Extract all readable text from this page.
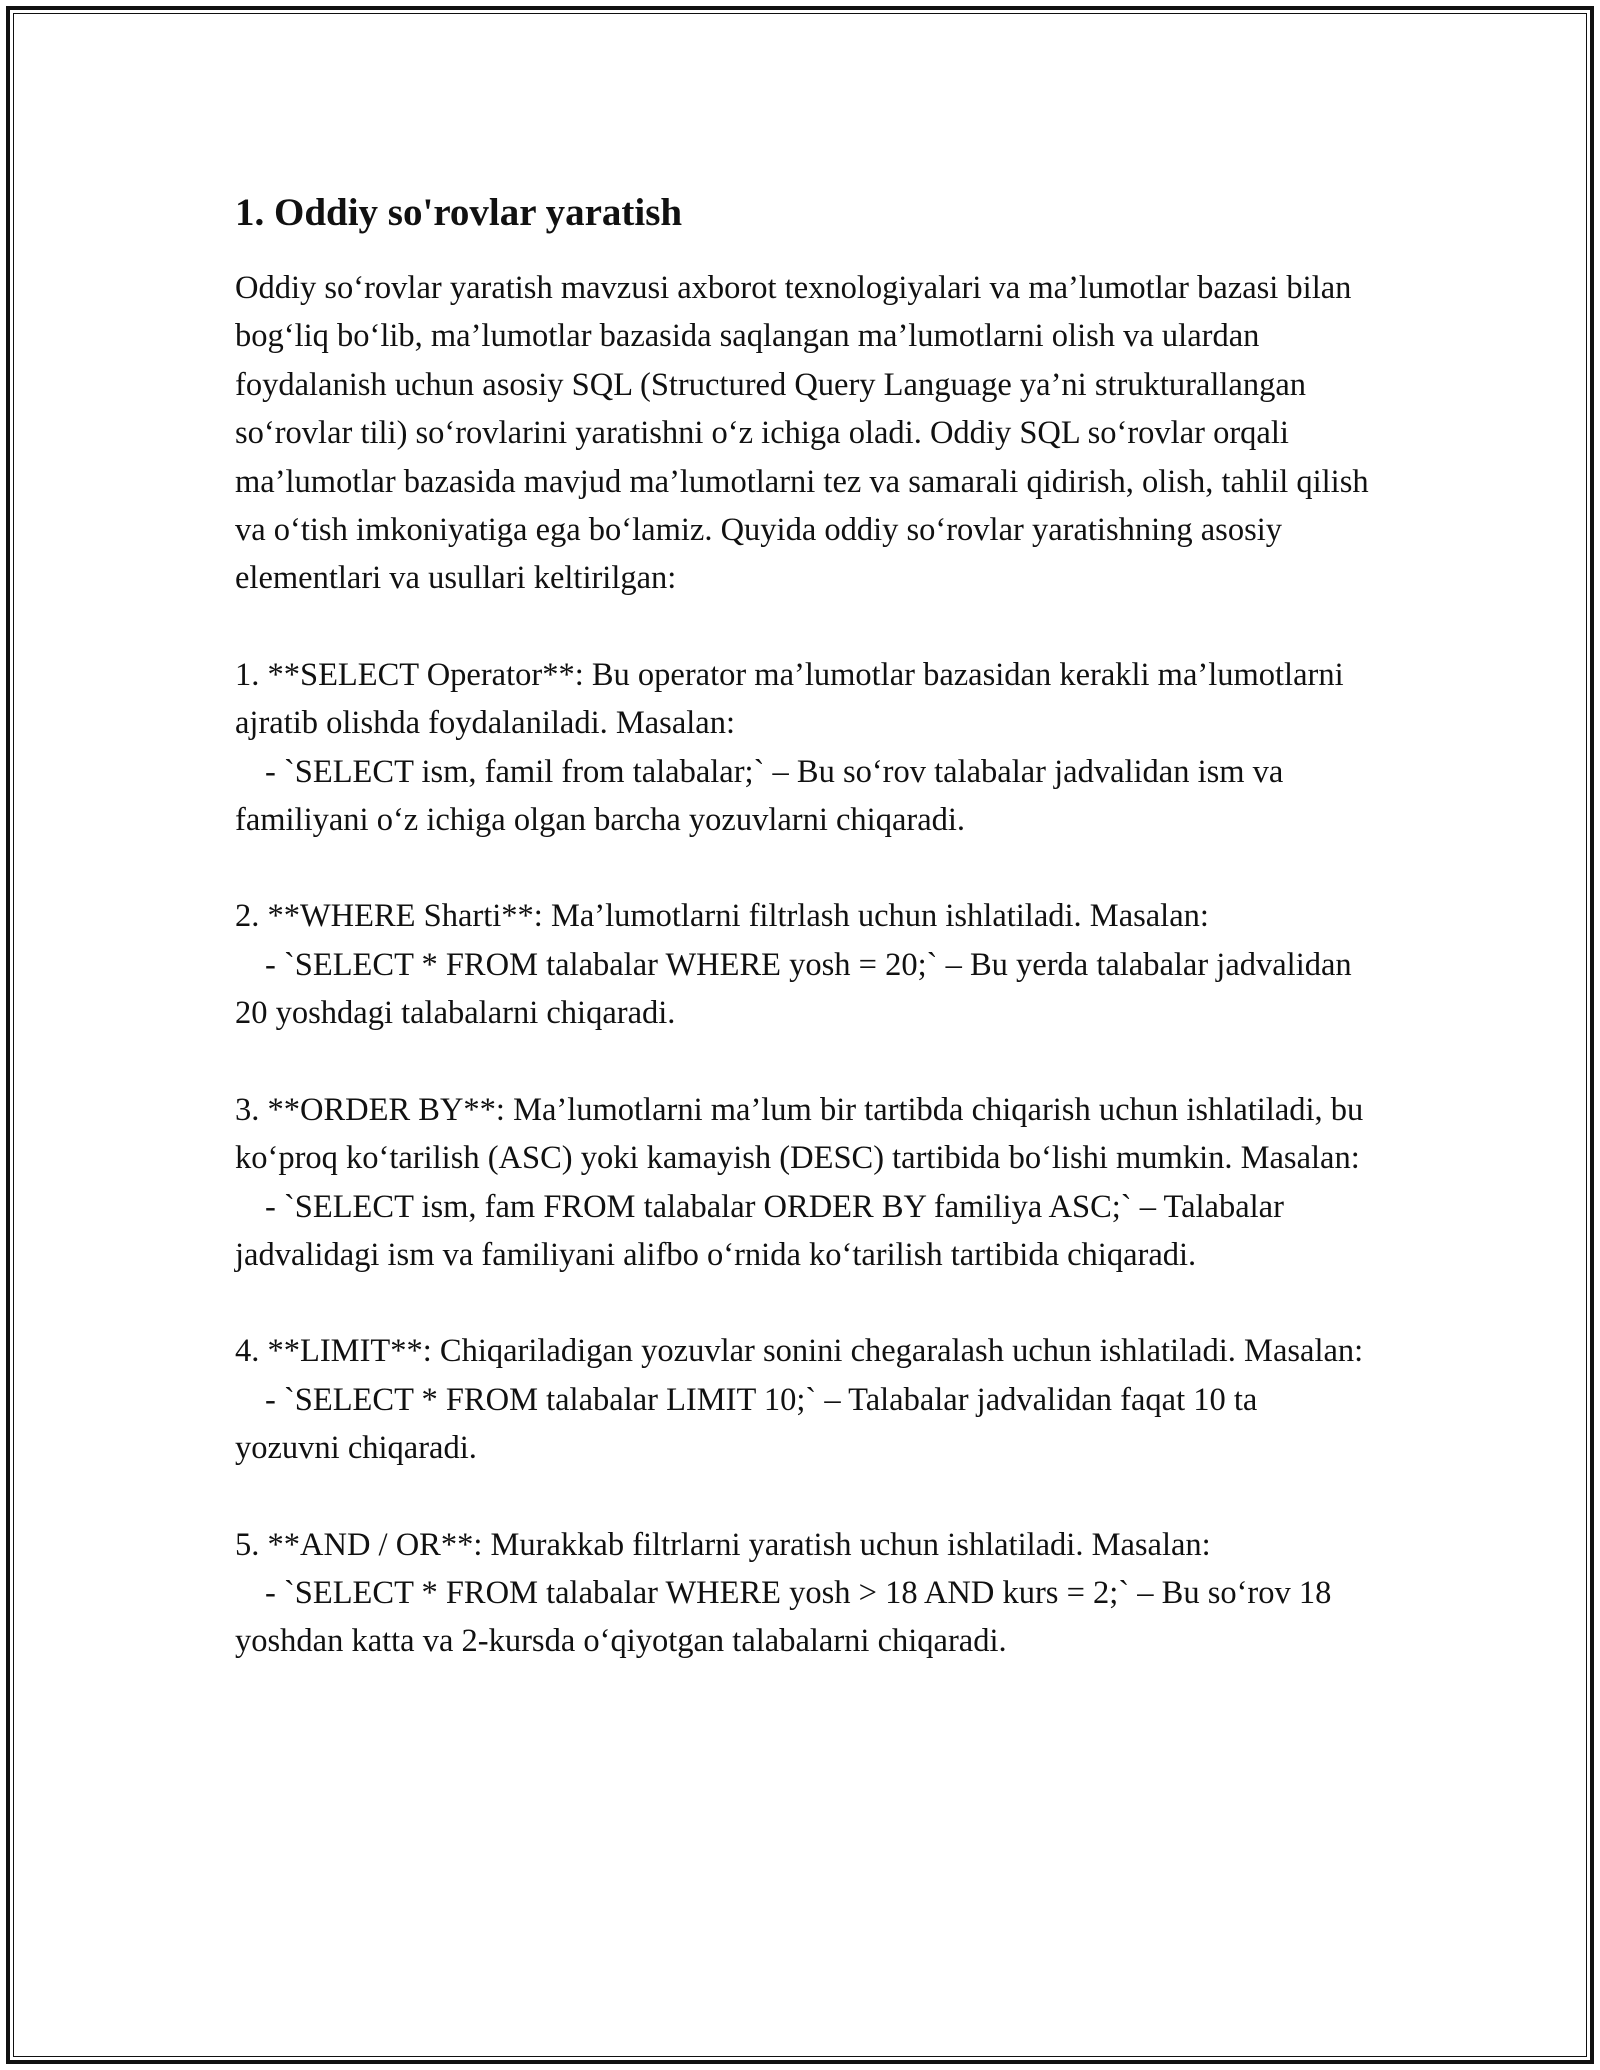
1. Oddiy so'rovlar yaratish

Oddiy so‘rovlar yaratish mavzusi axborot texnologiyalari va ma’lumotlar bazasi bilan bog‘liq bo‘lib, ma’lumotlar bazasida saqlangan ma’lumotlarni olish va ulardan foydalanish uchun asosiy SQL (Structured Query Language ya’ni strukturallangan so‘rovlar tili) so‘rovlarini yaratishni o‘z ichiga oladi. Oddiy SQL so‘rovlar orqali ma’lumotlar bazasida mavjud ma’lumotlarni tez va samarali qidirish, olish, tahlil qilish va o‘tish imkoniyatiga ega bo‘lamiz. Quyida oddiy so‘rovlar yaratishning asosiy elementlari va usullari keltirilgan:

1. **SELECT Operator**: Bu operator ma’lumotlar bazasidan kerakli ma’lumotlarni ajratib olishda foydalaniladi. Masalan:

- `SELECT ism, famil from talabalar;` – Bu so‘rov talabalar jadvalidan ism va familiyani o‘z ichiga olgan barcha yozuvlarni chiqaradi.

2. **WHERE Sharti**: Ma’lumotlarni filtrlash uchun ishlatiladi. Masalan:

- `SELECT * FROM talabalar WHERE yosh = 20;` – Bu yerda talabalar jadvalidan 20 yoshdagi talabalarni chiqaradi.

3. **ORDER BY**: Ma’lumotlarni ma’lum bir tartibda chiqarish uchun ishlatiladi, bu ko‘proq ko‘tarilish (ASC) yoki kamayish (DESC) tartibida bo‘lishi mumkin. Masalan:

- `SELECT ism, fam FROM talabalar ORDER BY familiya ASC;` – Talabalar jadvalidagi ism va familiyani alifbo o‘rnida ko‘tarilish tartibida chiqaradi.

4. **LIMIT**: Chiqariladigan yozuvlar sonini chegaralash uchun ishlatiladi. Masalan:

- `SELECT * FROM talabalar LIMIT 10;` – Talabalar jadvalidan faqat 10 ta yozuvni chiqaradi.

5. **AND / OR**: Murakkab filtrlarni yaratish uchun ishlatiladi. Masalan:

- `SELECT * FROM talabalar WHERE yosh > 18 AND kurs = 2;` – Bu so‘rov 18 yoshdan katta va 2-kursda o‘qiyotgan talabalarni chiqaradi.
